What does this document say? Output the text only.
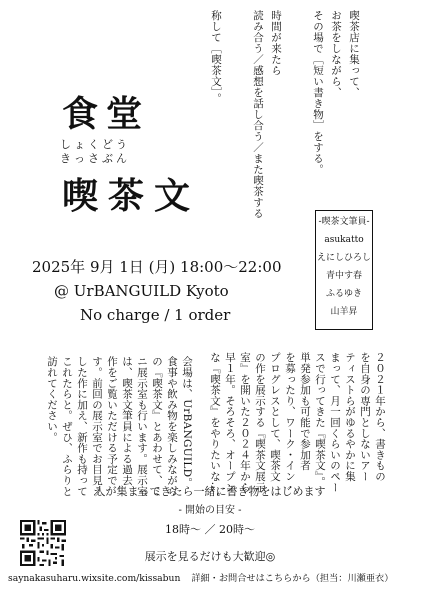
喫茶店に集って、
お茶をしながら、
その場で［短い書き物］をする。
時間が来たら
読み合う／感想を話し合う／また喫茶する
称して［喫茶文］。
食堂
しょくどう
きっさぶん
喫茶文
-喫茶文筆員-
asukatto
えにしひろし
青中す春
ふるゆき
山羊昇
2025年 9月 1日 (月) 18:00〜22:00
@ UrBANGUILD Kyoto
No charge / 1 order
２０２１年から、書きもの
を自身の専門としないアー
ティストらがゆるやかに集
まって、月一回くらいのペー
スで行ってきた『喫茶文』。
単発参加も可能で参加者
を募ったり、ワーク・イン・
プログレスとして、喫茶文
の作を展示する『喫茶文展示
室』を開いた２０２４年から
早１年。そろそろ、オープン
な『喫茶文』をやりたいな…。
会場は、UrBANGUILD。
食事や飲み物を楽しみながら
の『喫茶文』とあわせて、ミ
ニ展示室も行います。展示室
は、喫茶文筆員による過去
作をご覧いただける予定で
す。前回の展示室でお目見え
した作に加え、新作も持って
これたらと。ぜひ、ふらりと
訪れてください。
人が集まってきたら一緒に書き物をはじめます
- 開始の目安 -
18時〜 ／ 20時〜
展示を見るだけも大歓迎◎
saynakasuharu.wixsite.com/kissabun 詳細・お問合せはこちらから（担当：川瀬亜衣）
